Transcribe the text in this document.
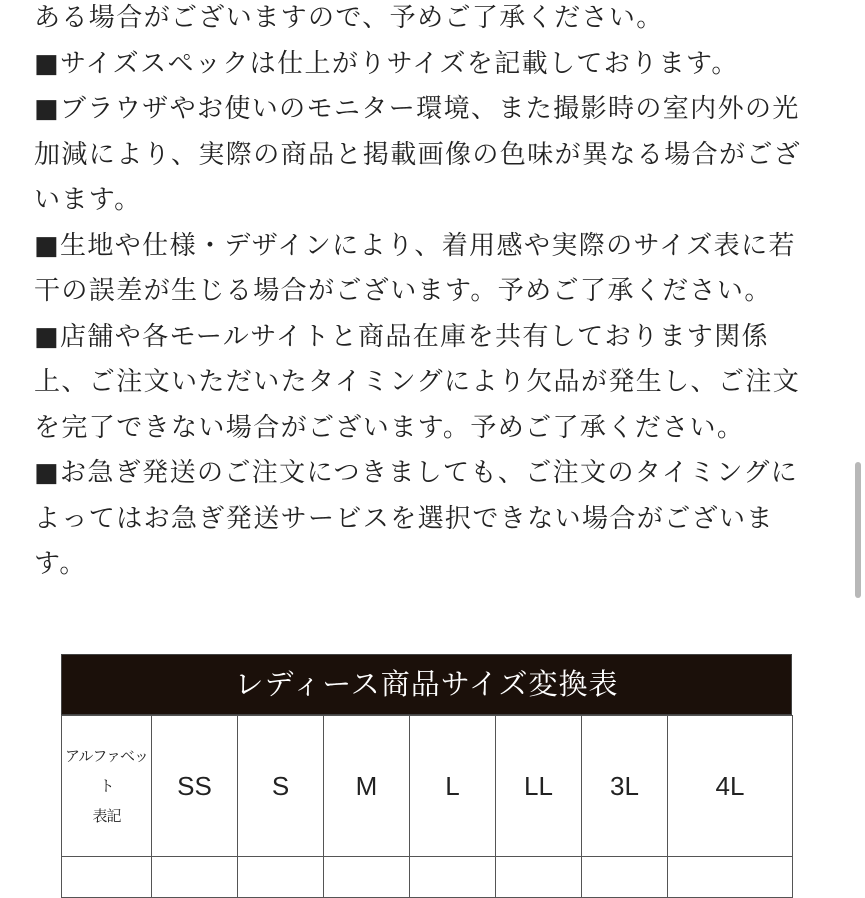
ある場合がございますので、予めご了承ください。
■サイズスペックは仕上がりサイズを記載しております。
■ブラウザやお使いのモニター環境、また撮影時の室内外の光
加減により、実際の商品と掲載画像の色味が異なる場合がござ
います。
■生地や仕様・デザインにより、着用感や実際のサイズ表に若
干の誤差が生じる場合がございます。予めご了承ください。
■店舗や各モールサイトと商品在庫を共有しております関係
上、ご注文いただいたタイミングにより欠品が発生し、ご注文
を完了できない場合がございます。予めご了承ください。
■お急ぎ発送のご注文につきましても、ご注文のタイミングに
よってはお急ぎ発送サービスを選択できない場合がございま
す。
レディース商品サイズ変換表
アルファベット
表記	SS	S	M	L	LL	3L	4L
